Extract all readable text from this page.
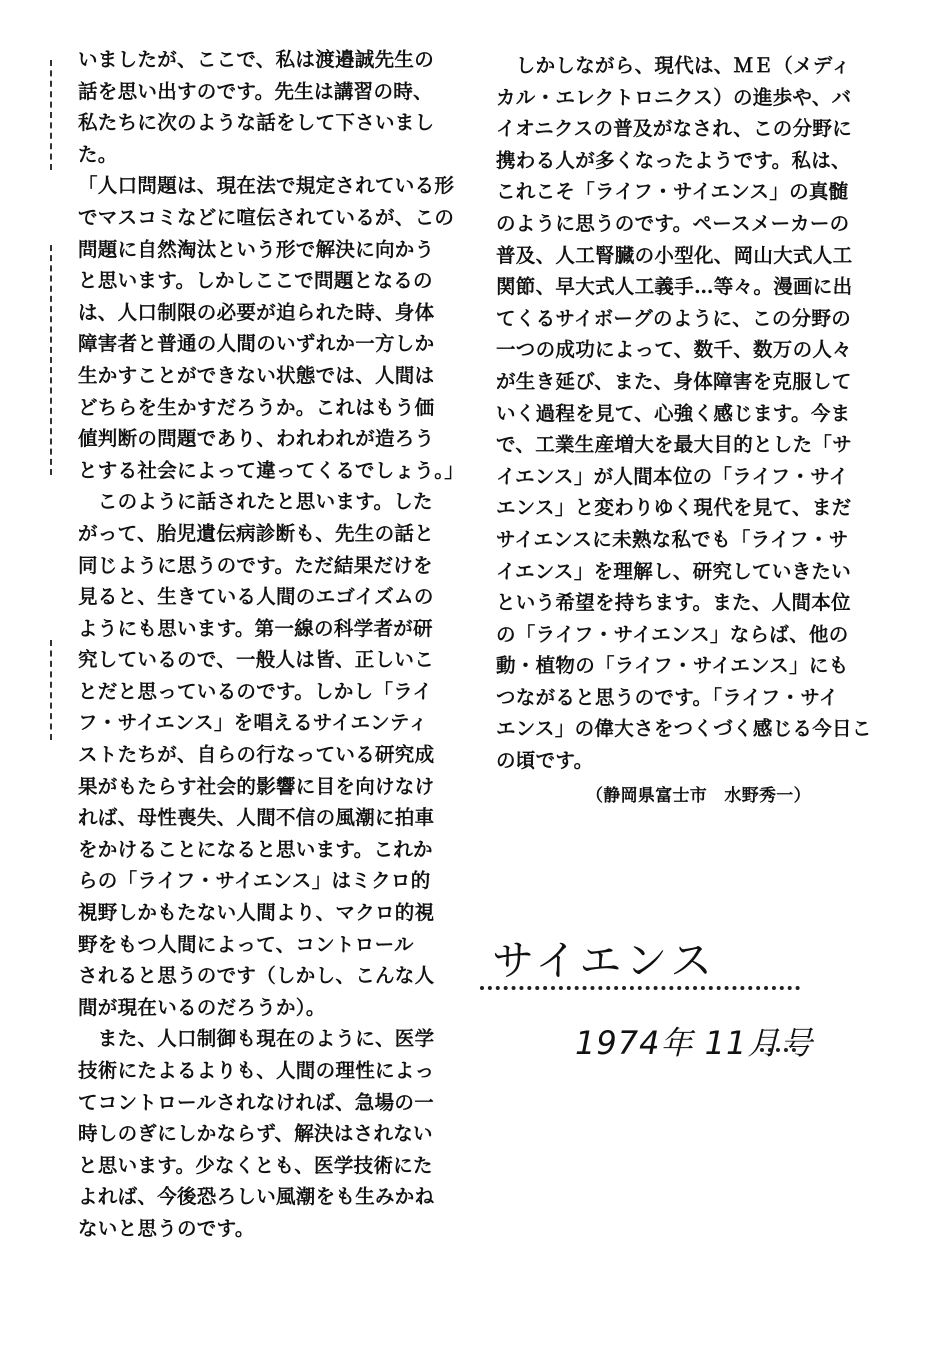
いましたが、ここで、私は渡邉誠先生の
話を思い出すのです。先生は講習の時、
私たちに次のような話をして下さいまし
た。
「人口問題は、現在法で規定されている形
でマスコミなどに喧伝されているが、この
問題に自然淘汰という形で解決に向かう
と思います。しかしここで問題となるの
は、人口制限の必要が迫られた時、身体
障害者と普通の人間のいずれか一方しか
生かすことができない状態では、人間は
どちらを生かすだろうか。これはもう価
値判断の問題であり、われわれが造ろう
とする社会によって違ってくるでしょう。」
　このように話されたと思います。した
がって、胎児遺伝病診断も、先生の話と
同じように思うのです。ただ結果だけを
見ると、生きている人間のエゴイズムの
ようにも思います。第一線の科学者が研
究しているので、一般人は皆、正しいこ
とだと思っているのです。しかし「ライ
フ・サイエンス」を唱えるサイエンティ
ストたちが、自らの行なっている研究成
果がもたらす社会的影響に目を向けなけ
れば、母性喪失、人間不信の風潮に拍車
をかけることになると思います。これか
らの「ライフ・サイエンス」はミクロ的
視野しかもたない人間より、マクロ的視
野をもつ人間によって、コントロール
されると思うのです（しかし、こんな人
間が現在いるのだろうか）。
　また、人口制御も現在のように、医学
技術にたよるよりも、人間の理性によっ
てコントロールされなければ、急場の一
時しのぎにしかならず、解決はされない
と思います。少なくとも、医学技術にた
よれば、今後恐ろしい風潮をも生みかね
ないと思うのです。
　しかしながら、現代は、ＭＥ（メディ
カル・エレクトロニクス）の進歩や、バ
イオニクスの普及がなされ、この分野に
携わる人が多くなったようです。私は、
これこそ「ライフ・サイエンス」の真髄
のように思うのです。ペースメーカーの
普及、人工腎臓の小型化、岡山大式人工
関節、早大式人工義手…等々。漫画に出
てくるサイボーグのように、この分野の
一つの成功によって、数千、数万の人々
が生き延び、また、身体障害を克服して
いく過程を見て、心強く感じます。今ま
で、工業生産増大を最大目的とした「サ
イエンス」が人間本位の「ライフ・サイ
エンス」と変わりゆく現代を見て、まだ
サイエンスに未熟な私でも「ライフ・サ
イエンス」を理解し、研究していきたい
という希望を持ちます。また、人間本位
の「ライフ・サイエンス」ならば、他の
動・植物の「ライフ・サイエンス」にも
つながると思うのです。「ライフ・サイ
エンス」の偉大さをつくづく感じる今日こ
の頃です。
（静岡県富士市　水野秀一）
サイエンス
1974年 11月号
